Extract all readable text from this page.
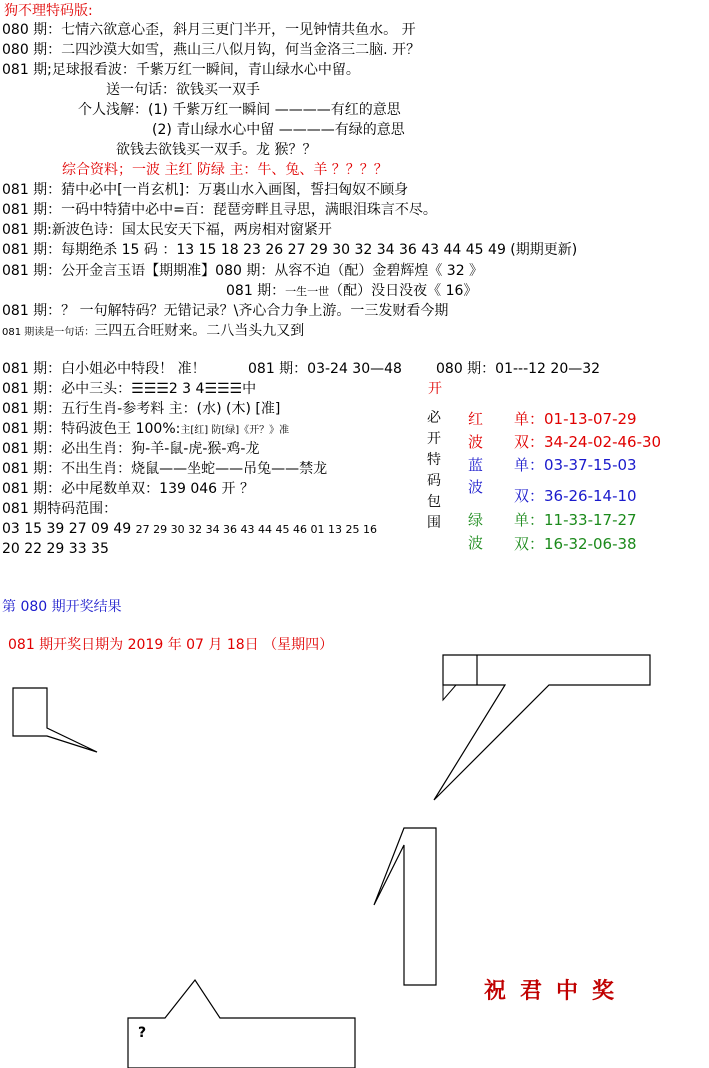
狗不理特码版:
080 期：七情六欲意心歪，斜月三更门半开，一见钟情共鱼水。 开
080 期：二四沙漠大如雪，燕山三八似月钩，何当金洛三二脑. 开？
081 期;足球报看波：千紫万红一瞬间，青山绿水心中留。
送一句话：欲钱买一双手
个人浅解：(1) 千紫万红一瞬间 ————有红的意思
(2) 青山绿水心中留 ————有绿的意思
欲钱去欲钱买一双手。龙 猴？？
综合资料；一波 主红 防绿 主：牛、兔、羊 ？？？？
081 期：猜中必中[一肖玄机]：万裏山水入画图，誓扫匈奴不顾身
081 期：一码中特猜中必中=百：琵琶旁畔且寻思，满眼泪珠言不尽。
081 期:新波色诗：国太民安天下福，两房相对窗紧开
081 期：每期绝杀 15 码 ：13 15 18 23 26 27 29 30 32 34 36 43 44 45 49 (期期更新)
081 期：公开金言玉语【期期准】080 期：从容不迫（配）金碧辉煌《 32 》
081 期：一生一世（配）没日没夜《 16》
081 期：？ 一句解特码？无错记录？\齐心合力争上游。一三发财看今期
081 期读是一句话：三四五合旺财来。二八当头九又到
081 期：白小姐必中特段！ 准！	081 期：03-24 30—48 080 期：01---12 20—32
081 期：必中三头：☰☰☰2 3 4☰☰☰中	开
081 期：五行生肖-参考料 主：(水) (木) [准]
081 期：特码波色王 100%:主[红] 防[绿]《开？》准
081 期：必出生肖：狗-羊-鼠-虎-猴-鸡-龙
081 期：不出生肖：烧鼠——坐蛇——吊兔——禁龙
081 期：必中尾数单双：139 046 开 ？
081 期特码范围：
03 15 39 27 09 49 27 29 30 32 34 36 43 44 45 46 01 13 25 16
20 22 29 33 35
必
开
特
码
包
围
红
波
单：01-13-07-29
双：34-24-02-46-30
蓝
波
单：03-37-15-03
双：36-26-14-10
绿
波
单：11-33-17-27
双：16-32-06-38
第 080 期开奖结果
081 期开奖日期为 2019 年 07 月 18日 （星期四）
?
祝君中奖
